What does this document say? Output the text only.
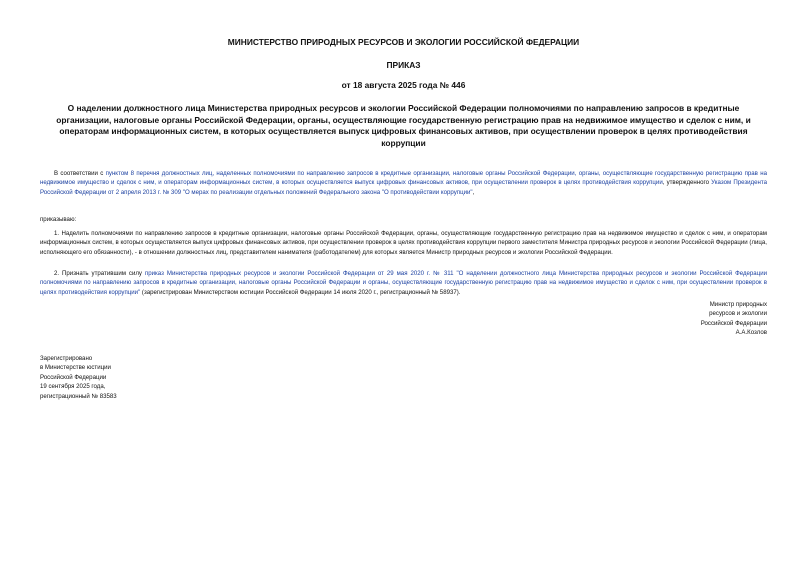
МИНИСТЕРСТВО ПРИРОДНЫХ РЕСУРСОВ И ЭКОЛОГИИ РОССИЙСКОЙ ФЕДЕРАЦИИ
ПРИКАЗ
от 18 августа 2025 года № 446
О наделении должностного лица Министерства природных ресурсов и экологии Российской Федерации полномочиями по направлению запросов в кредитные организации, налоговые органы Российской Федерации, органы, осуществляющие государственную регистрацию прав на недвижимое имущество и сделок с ним, и операторам информационных систем, в которых осуществляется выпуск цифровых финансовых активов, при осуществлении проверок в целях противодействия коррупции

В соответствии с пунктом 8 перечня должностных лиц, наделенных полномочиями по направлению запросов в кредитные организации, налоговые органы Российской Федерации, органы, осуществляющие государственную регистрацию прав на недвижимое имущество и сделок с ним, и операторам информационных систем, в которых осуществляется выпуск цифровых финансовых активов, при осуществлении проверок в целях противодействия коррупции, утвержденного Указом Президента Российской Федерации от 2 апреля 2013 г. № 309 "О мерах по реализации отдельных положений Федерального закона "О противодействии коррупции",

приказываю:

1. Наделить полномочиями по направлению запросов в кредитные организации, налоговые органы Российской Федерации, органы, осуществляющие государственную регистрацию прав на недвижимое имущество и сделок с ним, и операторам информационных систем, в которых осуществляется выпуск цифровых финансовых активов, при осуществлении проверок в целях противодействия коррупции первого заместителя Министра природных ресурсов и экологии Российской Федерации (лица, исполняющего его обязанности), - в отношении должностных лиц, представителем нанимателя (работодателем) для которых является Министр природных ресурсов и экологии Российской Федерации.

2. Признать утратившим силу приказ Министерства природных ресурсов и экологии Российской Федерации от 29 мая 2020 г. № 311 "О наделении должностного лица Министерства природных ресурсов и экологии Российской Федерации полномочиями по направлению запросов в кредитные организации, налоговые органы Российской Федерации и органы, осуществляющие государственную регистрацию прав на недвижимое имущество и сделок с ним, при осуществлении проверок в целях противодействия коррупции" (зарегистрирован Министерством юстиции Российской Федерации 14 июля 2020 г., регистрационный № 58937).

Министр природных
ресурсов и экологии
Российской Федерации
А.А.Козлов
Зарегистрировано
в Министерстве юстиции
Российской Федерации
19 сентября 2025 года,
регистрационный № 83583
